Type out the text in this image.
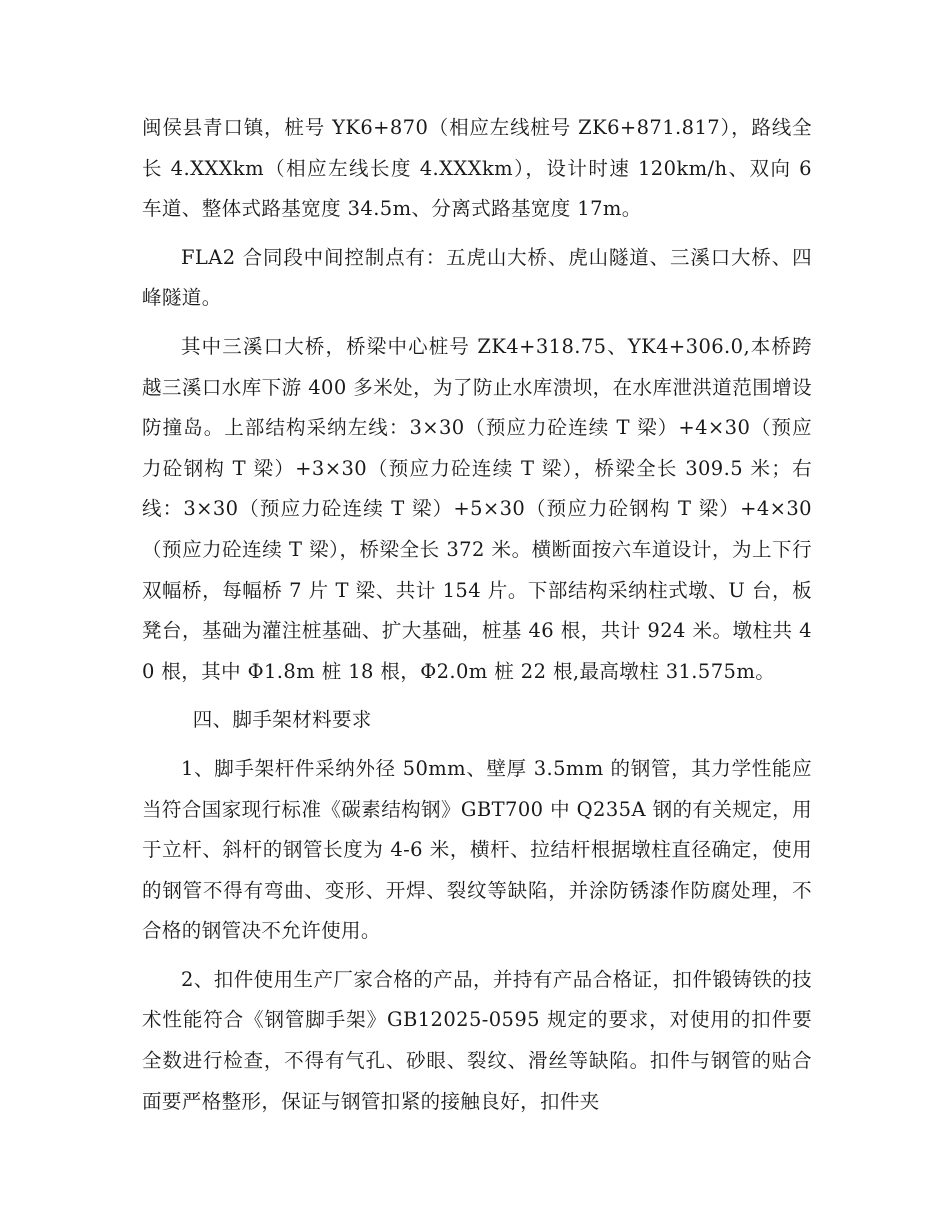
闽侯县青口镇，桩号 YK6+870（相应左线桩号 ZK6+871.817），路线全长 4.XXXkm（相应左线长度 4.XXXkm），设计时速 120km/h、双向 6 车道、整体式路基宽度 34.5m、分离式路基宽度 17m。

FLA2 合同段中间控制点有：五虎山大桥、虎山隧道、三溪口大桥、四峰隧道。

其中三溪口大桥，桥梁中心桩号 ZK4+318.75、YK4+306.0,本桥跨越三溪口水库下游 400 多米处，为了防止水库溃坝，在水库泄洪道范围增设防撞岛。上部结构采纳左线：3×30（预应力砼连续 T 梁）+4×30（预应力砼钢构 T 梁）+3×30（预应力砼连续 T 梁），桥梁全长 309.5 米；右线：3×30（预应力砼连续 T 梁）+5×30（预应力砼钢构 T 梁）+4×30（预应力砼连续 T 梁），桥梁全长 372 米。横断面按六车道设计，为上下行双幅桥，每幅桥 7 片 T 梁、共计 154 片。下部结构采纳柱式墩、U 台，板凳台，基础为灌注桩基础、扩大基础，桩基 46 根，共计 924 米。墩柱共 40 根，其中 Φ1.8m 桩 18 根，Φ2.0m 桩 22 根,最高墩柱 31.575m。

四、脚手架材料要求

1、脚手架杆件采纳外径 50mm、壁厚 3.5mm 的钢管，其力学性能应当符合国家现行标准《碳素结构钢》GBT700 中 Q235A 钢的有关规定，用于立杆、斜杆的钢管长度为 4-6 米，横杆、拉结杆根据墩柱直径确定，使用的钢管不得有弯曲、变形、开焊、裂纹等缺陷，并涂防锈漆作防腐处理，不合格的钢管决不允许使用。

2、扣件使用生产厂家合格的产品，并持有产品合格证，扣件锻铸铁的技术性能符合《钢管脚手架》GB12025-0595 规定的要求，对使用的扣件要全数进行检查，不得有气孔、砂眼、裂纹、滑丝等缺陷。扣件与钢管的贴合面要严格整形，保证与钢管扣紧的接触良好，扣件夹
